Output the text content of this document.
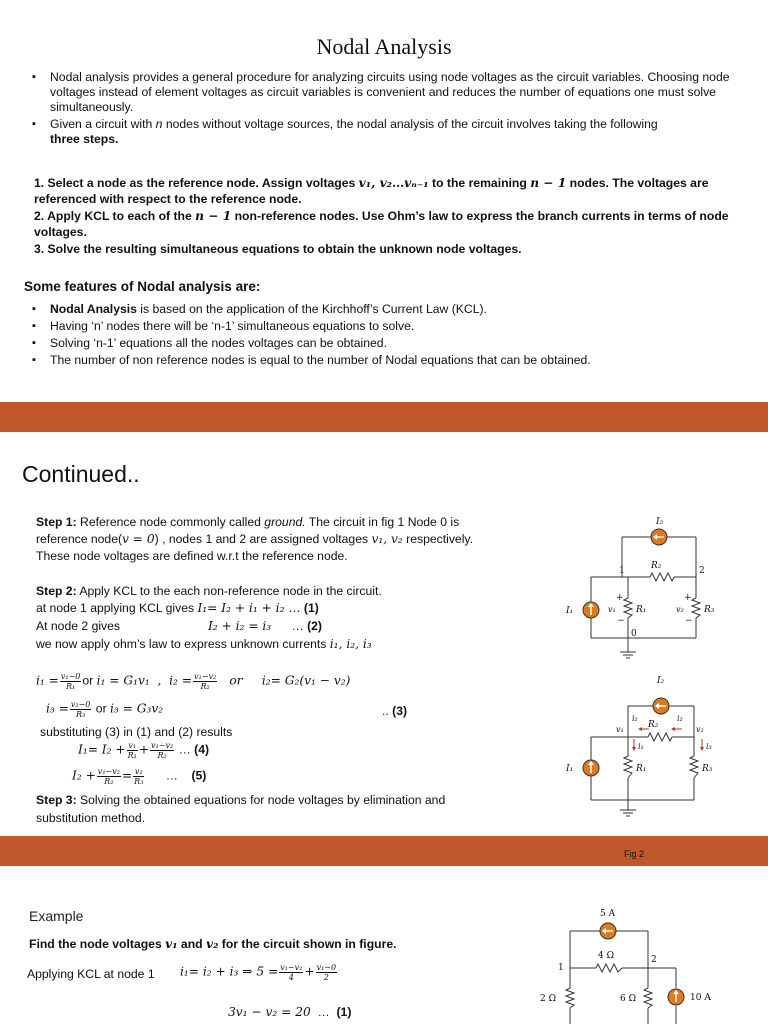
Nodal Analysis
▪ Nodal analysis provides a general procedure for analyzing circuits using node voltages as the circuit variables. Choosing node voltages instead of element voltages as circuit variables is convenient and reduces the number of equations one must solve simultaneously.
▪ Given a circuit with n nodes without voltage sources, the nodal analysis of the circuit involves taking the following
three steps.
1. Select a node as the reference node. Assign voltages v₁, v₂…vₙ₋₁ to the remaining n − 1 nodes. The voltages are referenced with respect to the reference node.
2. Apply KCL to each of the n − 1 non-reference nodes. Use Ohm’s law to express the branch currents in terms of node voltages.
3. Solve the resulting simultaneous equations to obtain the unknown node voltages.
Some features of Nodal analysis are:
▪ Nodal Analysis is based on the application of the Kirchhoff’s Current Law (KCL).
▪ Having ‘n’ nodes there will be ‘n-1’ simultaneous equations to solve.
▪ Solving ‘n-1’ equations all the nodes voltages can be obtained.
▪ The number of non reference nodes is equal to the number of Nodal equations that can be obtained.
Continued..
Step 1: Reference node commonly called ground. The circuit in fig 1 Node 0 is
reference node(v = 0) , nodes 1 and 2 are assigned voltages v₁, v₂ respectively.
These node voltages are defined w.r.t the reference node.
Step 2: Apply KCL to the each non-reference node in the circuit.
at node 1 applying KCL gives I₁= I₂ + i₁ + i₂ … (1)
At node 2 gives	I₂ + i₂ = i₃ … (2)
we now apply ohm’s law to express unknown currents i₁, i₂, i₃
$i_1 = \frac{\text{v₁−0}}{\text{R₁}}$ or i₁ = G₁v₁  ,  $i_2 = \frac{\text{v₁−v₂}}{\text{R₂}}$ or     i₂= G₂(v₁ − v₂)
$i_3 = \frac{\text{v₂−0}}{\text{R₃}}$ or i₃ = G₃v₂	.. (3)
substituting (3) in (1) and (2) results
$I_1= I_2 + \frac{\text{v₁}}{\text{R₁}} + \frac{\text{v₁−v₂}}{\text{R₂}}$ … (4)
$I_2 + \frac{\text{v₁−v₂}}{\text{R₂}} = \frac{\text{v₂}}{\text{R₃}}$ …    (5)
Step 3: Solving the obtained equations for node voltages by elimination and
substitution method.
I₂
R₂
I₁	v₁ R₁	v₂ R₃
1	2
0
+
−
+
−
I₂
R₂
v₁	v₂
i₂	i₂
i₁	i₃
I₁	R₁	R₃
Fig 2
Example
Find the node voltages v₁ and v₂ for the circuit shown in figure.
Applying KCL at node 1 i₁= i₂ + i₃ ⇒ $5 = \frac{\text{v₁−v₂}}{4} + \frac{\text{v₁−0}}{2}$
3v₁ − v₂ = 20 … (1)
5 A
4 Ω
1
2
2 Ω	6 Ω	10 A
